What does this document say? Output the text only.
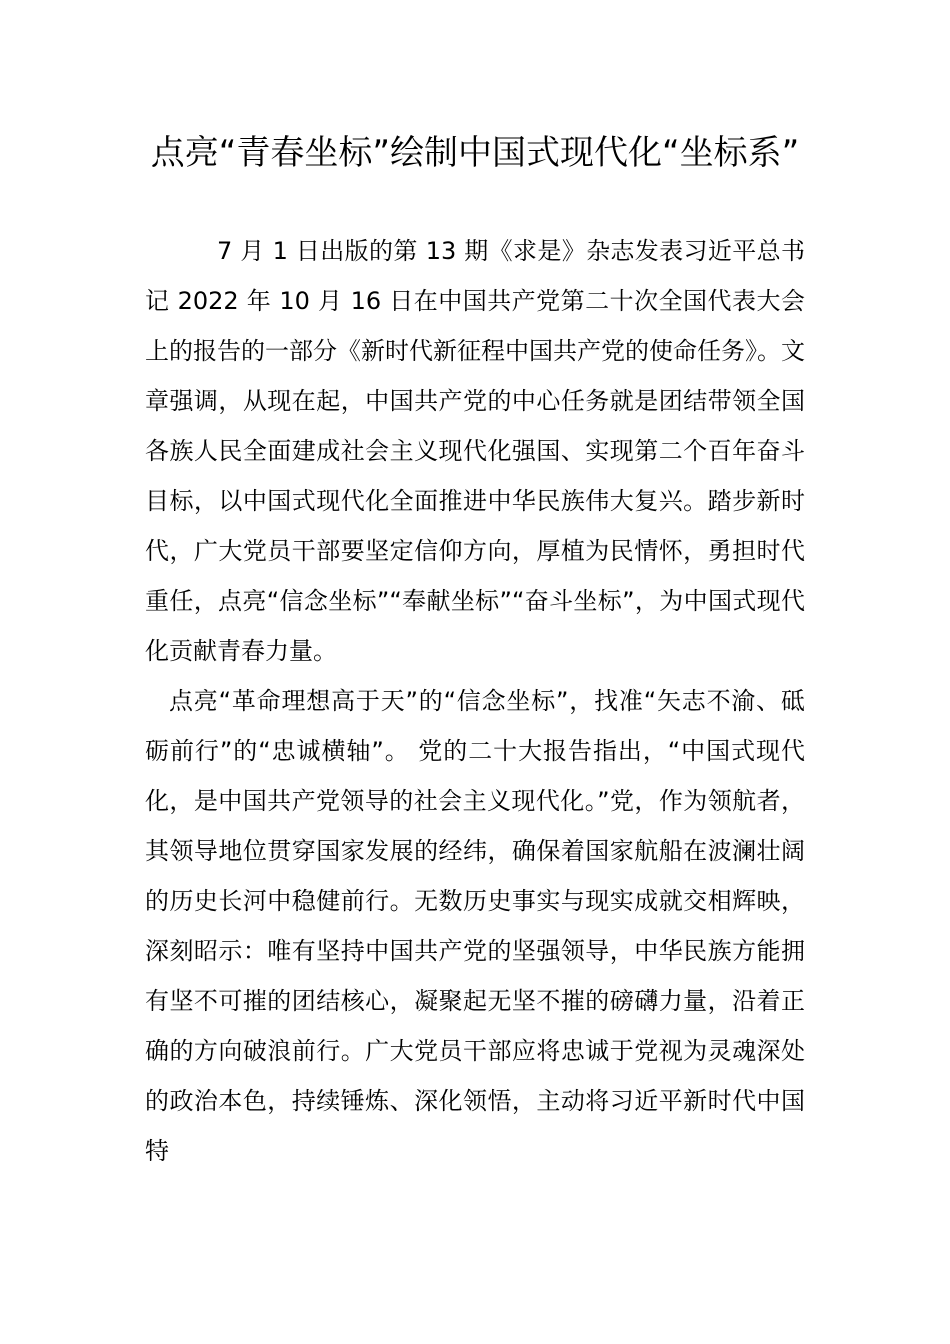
点亮“青春坐标”绘制中国式现代化“坐标系”

7 月 1 日出版的第 13 期《求是》杂志发表习近平总书记 2022 年 10 月 16 日在中国共产党第二十次全国代表大会上的报告的一部分《新时代新征程中国共产党的使命任务》。文章强调，从现在起，中国共产党的中心任务就是团结带领全国各族人民全面建成社会主义现代化强国、实现第二个百年奋斗目标，以中国式现代化全面推进中华民族伟大复兴。踏步新时代，广大党员干部要坚定信仰方向，厚植为民情怀，勇担时代重任，点亮“信念坐标”“奉献坐标”“奋斗坐标”，为中国式现代化贡献青春力量。

点亮“革命理想高于天”的“信念坐标”，找准“矢志不渝、砥砺前行”的“忠诚横轴”。 党的二十大报告指出，“中国式现代化，是中国共产党领导的社会主义现代化。”党，作为领航者，其领导地位贯穿国家发展的经纬，确保着国家航船在波澜壮阔的历史长河中稳健前行。无数历史事实与现实成就交相辉映，深刻昭示：唯有坚持中国共产党的坚强领导，中华民族方能拥有坚不可摧的团结核心，凝聚起无坚不摧的磅礴力量，沿着正确的方向破浪前行。广大党员干部应将忠诚于党视为灵魂深处的政治本色，持续锤炼、深化领悟，主动将习近平新时代中国特
